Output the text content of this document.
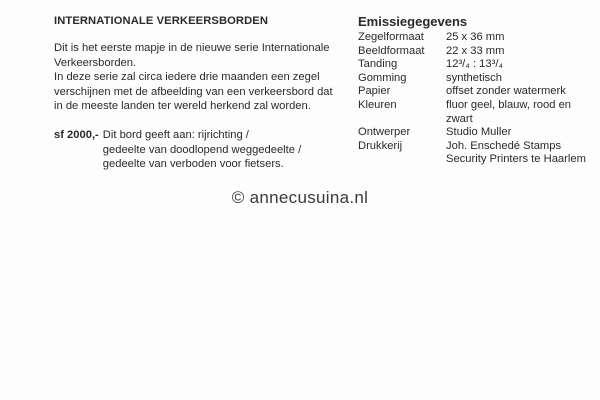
INTERNATIONALE VERKEERSBORDEN

Dit is het eerste mapje in de nieuwe serie Internationale

Verkeersborden.

In deze serie zal circa iedere drie maanden een zegel

verschijnen met de afbeelding van een verkeersbord dat

in de meeste landen ter wereld herkend zal worden.

sf 2000,- Dit bord geeft aan: rijrichting /
gedeelte van doodlopend weggedeelte /
gedeelte van verboden voor fietsers.
Emissiegegevens
Zegelformaat	25 x 36 mm
Beeldformaat	22 x 33 mm
Tanding	12³/₄ : 13³/₄
Gomming	synthetisch
Papier	offset zonder watermerk
Kleuren	fluor geel, blauw, rood en
zwart
Ontwerper	Studio Muller
Drukkerij	Joh. Enschedé Stamps
Security Printers te Haarlem
© annecusuina.nl
